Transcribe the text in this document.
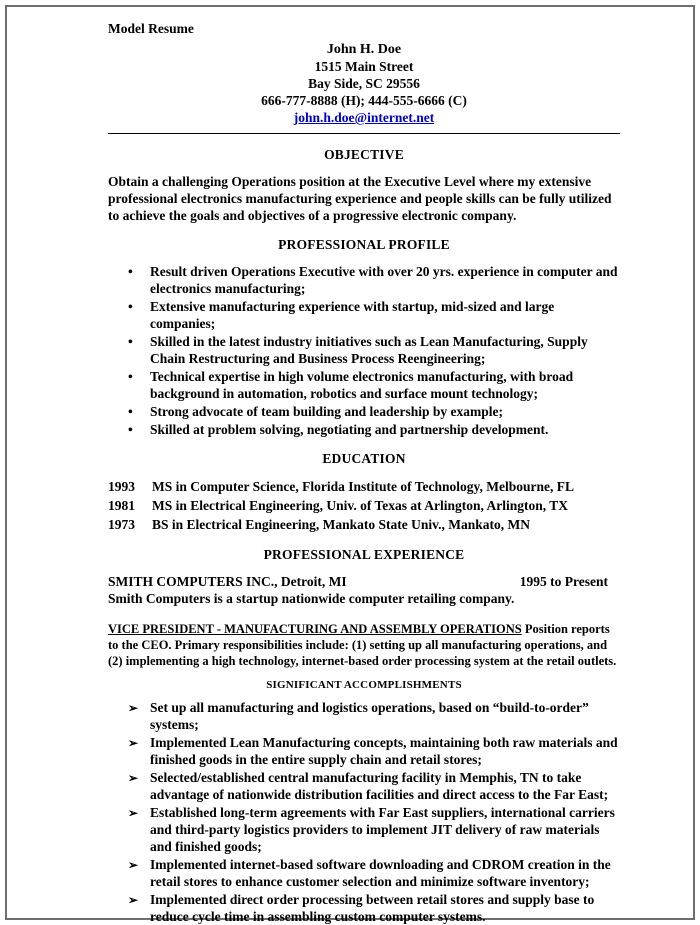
Model Resume
John H. Doe
1515 Main Street
Bay Side, SC 29556
666-777-8888 (H); 444-555-6666 (C)
john.h.doe@internet.net
OBJECTIVE
Obtain a challenging Operations position at the Executive Level where my extensive professional electronics manufacturing experience and people skills can be fully utilized to achieve the goals and objectives of a progressive electronic company.
PROFESSIONAL PROFILE
•	Result driven Operations Executive with over 20 yrs. experience in computer and electronics manufacturing;
•	Extensive manufacturing experience with startup, mid-sized and large companies;
•	Skilled in the latest industry initiatives such as Lean Manufacturing, Supply Chain Restructuring and Business Process Reengineering;
•	Technical expertise in high volume electronics manufacturing, with broad background in automation, robotics and surface mount technology;
•	Strong advocate of team building and leadership by example;
•	Skilled at problem solving, negotiating and partnership development.
EDUCATION
1993	MS in Computer Science, Florida Institute of Technology, Melbourne, FL
1981	MS in Electrical Engineering, Univ. of Texas at Arlington, Arlington, TX
1973	BS in Electrical Engineering, Mankato State Univ., Mankato, MN
PROFESSIONAL EXPERIENCE
SMITH COMPUTERS INC., Detroit, MI	1995 to Present
Smith Computers is a startup nationwide computer retailing company.
VICE PRESIDENT - MANUFACTURING AND ASSEMBLY OPERATIONS Position reports to the CEO. Primary responsibilities include: (1) setting up all manufacturing operations, and (2) implementing a high technology, internet-based order processing system at the retail outlets.
SIGNIFICANT ACCOMPLISHMENTS
➢ Set up all manufacturing and logistics operations, based on “build-to-order” systems;
➢ Implemented Lean Manufacturing concepts, maintaining both raw materials and finished goods in the entire supply chain and retail stores;
➢ Selected/established central manufacturing facility in Memphis, TN to take advantage of nationwide distribution facilities and direct access to the Far East;
➢ Established long-term agreements with Far East suppliers, international carriers and third-party logistics providers to implement JIT delivery of raw materials and finished goods;
➢ Implemented internet-based software downloading and CDROM creation in the retail stores to enhance customer selection and minimize software inventory;
➢ Implemented direct order processing between retail stores and supply base to reduce cycle time in assembling custom computer systems.
